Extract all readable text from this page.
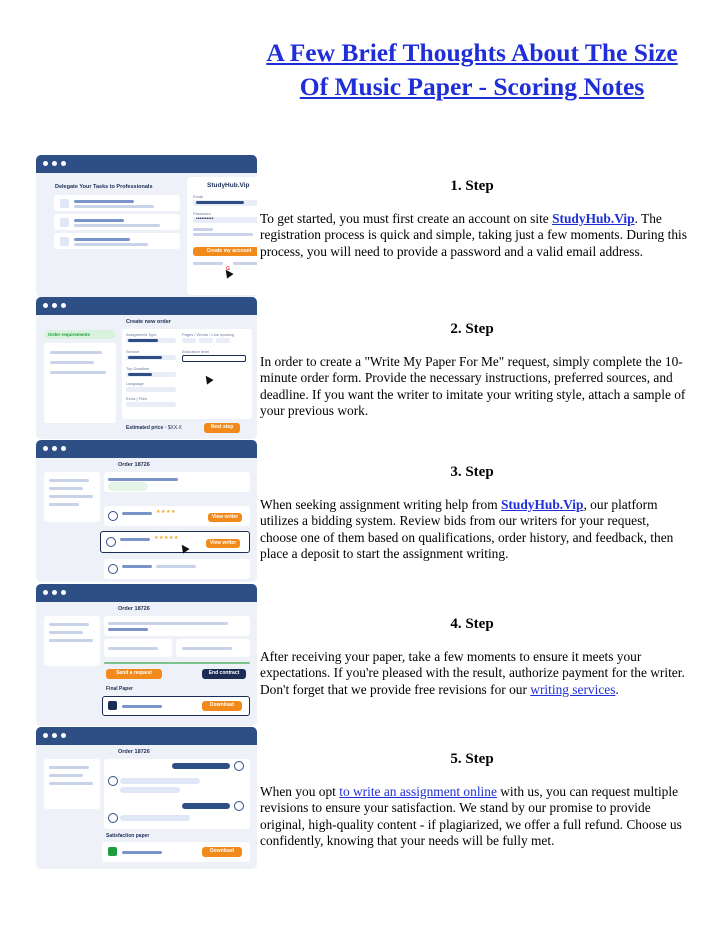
A Few Brief Thoughts About The Size Of Music Paper - Scoring Notes
Delegate Your Tasks to Professionals	StudyHub.Vip
Email
Password
••••••••••
Create my account
G
Create new order
Order requirements	Assignment Type	Pages / Words / Line spacing
Service	Education level
Top Deadline
Language
Extra | Files
Estimated price · $XX.X	Next step
Order 18726
★★★★
View writer
★★★★★
View writer
Order 18726
Send a request	End contract
Final Paper
Download
Order 18726
Satisfaction paper
Download
1. Step

To get started, you must first create an account on site StudyHub.Vip. The registration process is quick and simple, taking just a few moments. During this process, you will need to provide a password and a valid email address.

2. Step

In order to create a "Write My Paper For Me" request, simply complete the 10-minute order form. Provide the necessary instructions, preferred sources, and deadline. If you want the writer to imitate your writing style, attach a sample of your previous work.

3. Step

When seeking assignment writing help from StudyHub.Vip, our platform utilizes a bidding system. Review bids from our writers for your request, choose one of them based on qualifications, order history, and feedback, then place a deposit to start the assignment writing.

4. Step

After receiving your paper, take a few moments to ensure it meets your expectations. If you're pleased with the result, authorize payment for the writer. Don't forget that we provide free revisions for our writing services.

5. Step

When you opt to write an assignment online with us, you can request multiple revisions to ensure your satisfaction. We stand by our promise to provide original, high-quality content - if plagiarized, we offer a full refund. Choose us confidently, knowing that your needs will be fully met.
